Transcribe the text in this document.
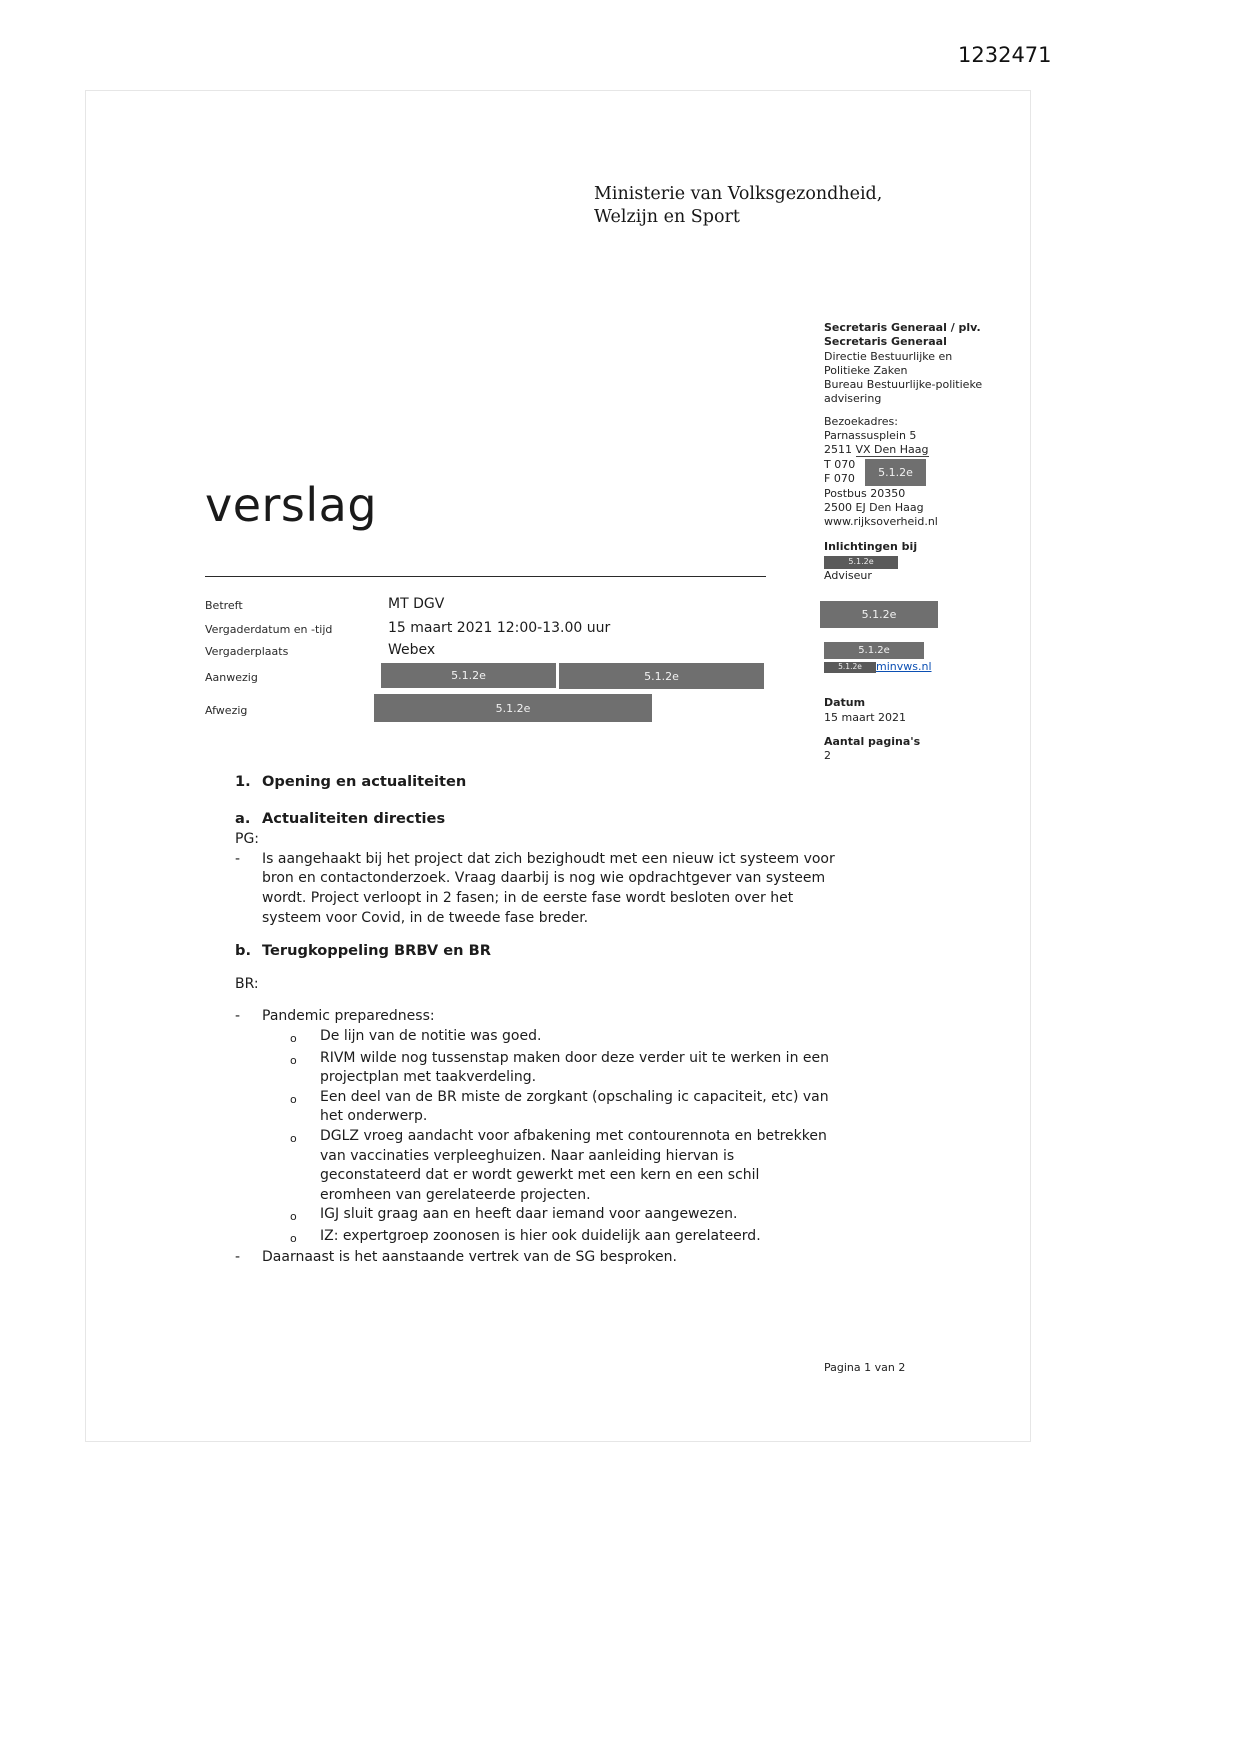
1232471
Ministerie van Volksgezondheid,
Welzijn en Sport
Secretaris Generaal / plv.
Secretaris Generaal
Directie Bestuurlijke en
Politieke Zaken
Bureau Bestuurlijke-politieke
advisering
Bezoekadres:
Parnassusplein 5
2511 VX Den Haag
T 070
F 070	5.1.2e
Postbus 20350
2500 EJ Den Haag
www.rijksoverheid.nl
Inlichtingen bij
5.1.2e
Adviseur
5.1.2e
5.1.2e
5.1.2e minvws.nl
Datum
15 maart 2021
Aantal pagina's
2
verslag
Betreft	MT DGV
Vergaderdatum en -tijd	15 maart 2021 12:00-13.00 uur
Vergaderplaats	Webex
Aanwezig	5.1.2e	5.1.2e
Afwezig	5.1.2e
1. Opening en actualiteiten
a. Actualiteiten directies
PG:
-	Is aangehaakt bij het project dat zich bezighoudt met een nieuw ict systeem voor bron en contactonderzoek. Vraag daarbij is nog wie opdrachtgever van systeem wordt. Project verloopt in 2 fasen; in de eerste fase wordt besloten over het systeem voor Covid, in de tweede fase breder.
b. Terugkoppeling BRBV en BR
BR:
-	Pandemic preparedness:
o	De lijn van de notitie was goed.
o	RIVM wilde nog tussenstap maken door deze verder uit te werken in een projectplan met taakverdeling.
o	Een deel van de BR miste de zorgkant (opschaling ic capaciteit, etc) van het onderwerp.
o	DGLZ vroeg aandacht voor afbakening met contourennota en betrekken van vaccinaties verpleeghuizen. Naar aanleiding hiervan is geconstateerd dat er wordt gewerkt met een kern en een schil eromheen van gerelateerde projecten.
o	IGJ sluit graag aan en heeft daar iemand voor aangewezen.
o	IZ: expertgroep zoonosen is hier ook duidelijk aan gerelateerd.
-	Daarnaast is het aanstaande vertrek van de SG besproken.
Pagina 1 van 2
